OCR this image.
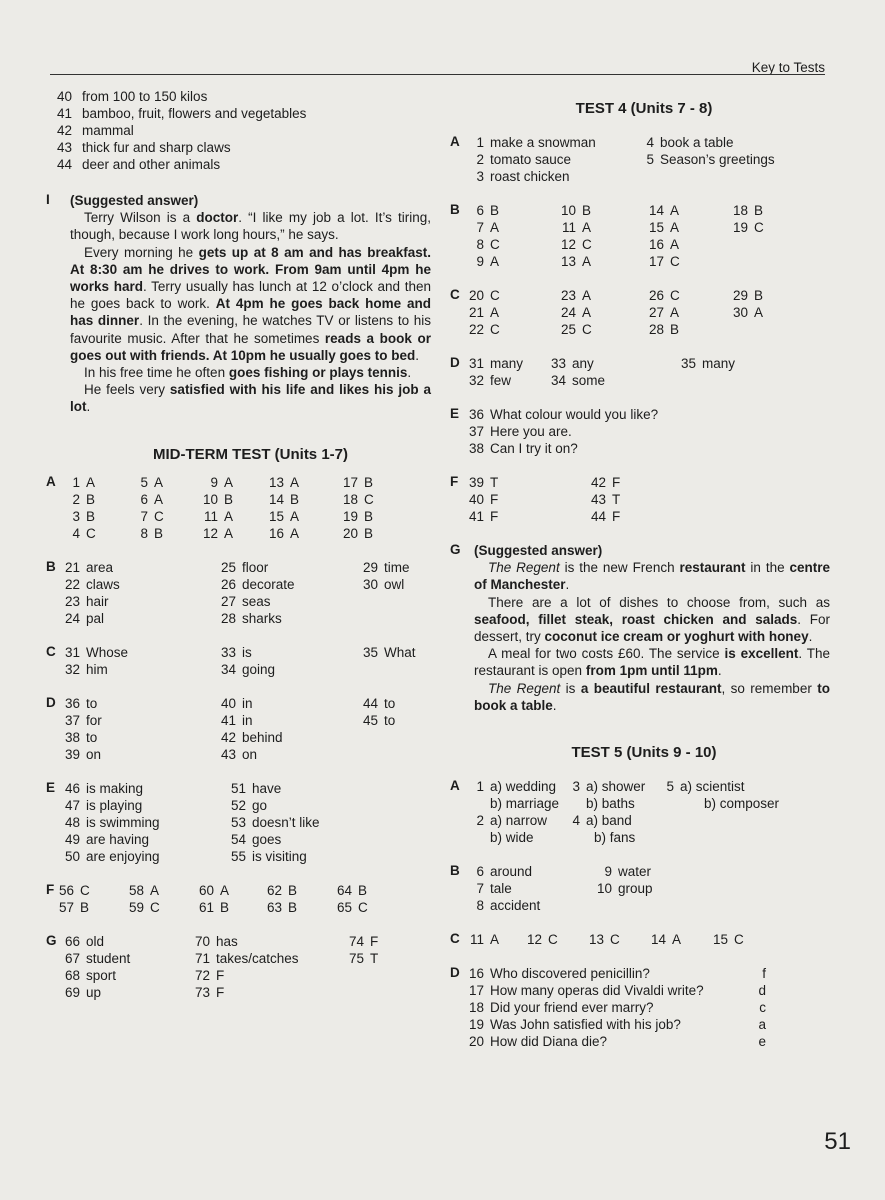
Key to Tests
40 from 100 to 150 kilos
41 bamboo, fruit, flowers and vegetables
42 mammal
43 thick fur and sharp claws
44 deer and other animals
I	(Suggested answer)

Terry Wilson is a doctor. “I like my job a lot. It’s tiring, though, because I work long hours,” he says.

Every morning he gets up at 8 am and has breakfast. At 8:30 am he drives to work. From 9am until 4pm he works hard. Terry usually has lunch at 12 o’clock and then he goes back to work. At 4pm he goes back home and has dinner. In the evening, he watches TV or listens to his favourite music. After that he sometimes reads a book or goes out with friends. At 10pm he usually goes to bed.

In his free time he often goes fishing or plays tennis.

He feels very satisfied with his life and likes his job a lot.

MID-TERM TEST (Units 1-7)
A	1 A	5 A	9 A	13 A	17 B
2 B	6 A	10 B	14 B	18 C
3 B	7 C	11 A	15 A	19 B
4 C	8 B	12 A	16 A	20 B
B 21 area	25 floor	29 time
22 claws	26 decorate	30 owl
23 hair	27 seas
24 pal	28 sharks
C 31 Whose	33 is	35 What
32 him	34 going
D 36 to	40 in	44 to
37 for	41 in	45 to
38 to	42 behind
39 on	43 on
E 46 is making	51 have
47 is playing	52 go
48 is swimming	53 doesn’t like
49 are having	54 goes
50 are enjoying	55 is visiting
F 56 C	58 A	60 A	62 B	64 B
57 B	59 C	61 B	63 B	65 C
G 66 old	70 has	74 F
67 student	71 takes/catches	75 T
68 sport	72 F
69 up	73 F
TEST 4 (Units 7 - 8)
A	1 make a snowman	4 book a table
2 tomato sauce	5 Season’s greetings
3 roast chicken
B	6 B	10 B	14 A	18 B
7 A	11 A	15 A	19 C
8 C	12 C	16 A
9 A	13 A	17 C
C 20 C	23 A	26 C	29 B
21 A	24 A	27 A	30 A
22 C	25 C	28 B
D 31 many	33 any	35 many
32 few	34 some
E 36 What colour would you like?
37 Here you are.
38 Can I try it on?
F 39 T	42 F
40 F	43 T
41 F	44 F
G (Suggested answer)

The Regent is the new French restaurant in the centre of Manchester.

There are a lot of dishes to choose from, such as seafood, fillet steak, roast chicken and salads. For dessert, try coconut ice cream or yoghurt with honey.

A meal for two costs £60. The service is excellent. The restaurant is open from 1pm until 11pm.

The Regent is a beautiful restaurant, so remember to book a table.

TEST 5 (Units 9 - 10)
A	1 a) wedding	3 a) shower	5 a) scientist
b) marriage	b) baths	b) composer
2 a) narrow	4 a) band
b) wide	b) fans
B	6 around	9 water
7 tale	10 group
8 accident
C 11 A	12 C	13 C	14 A	15 C
D 16 Who discovered penicillin?	f
17 How many operas did Vivaldi write?	d
18 Did your friend ever marry?	c
19 Was John satisfied with his job?	a
20 How did Diana die?	e
51
